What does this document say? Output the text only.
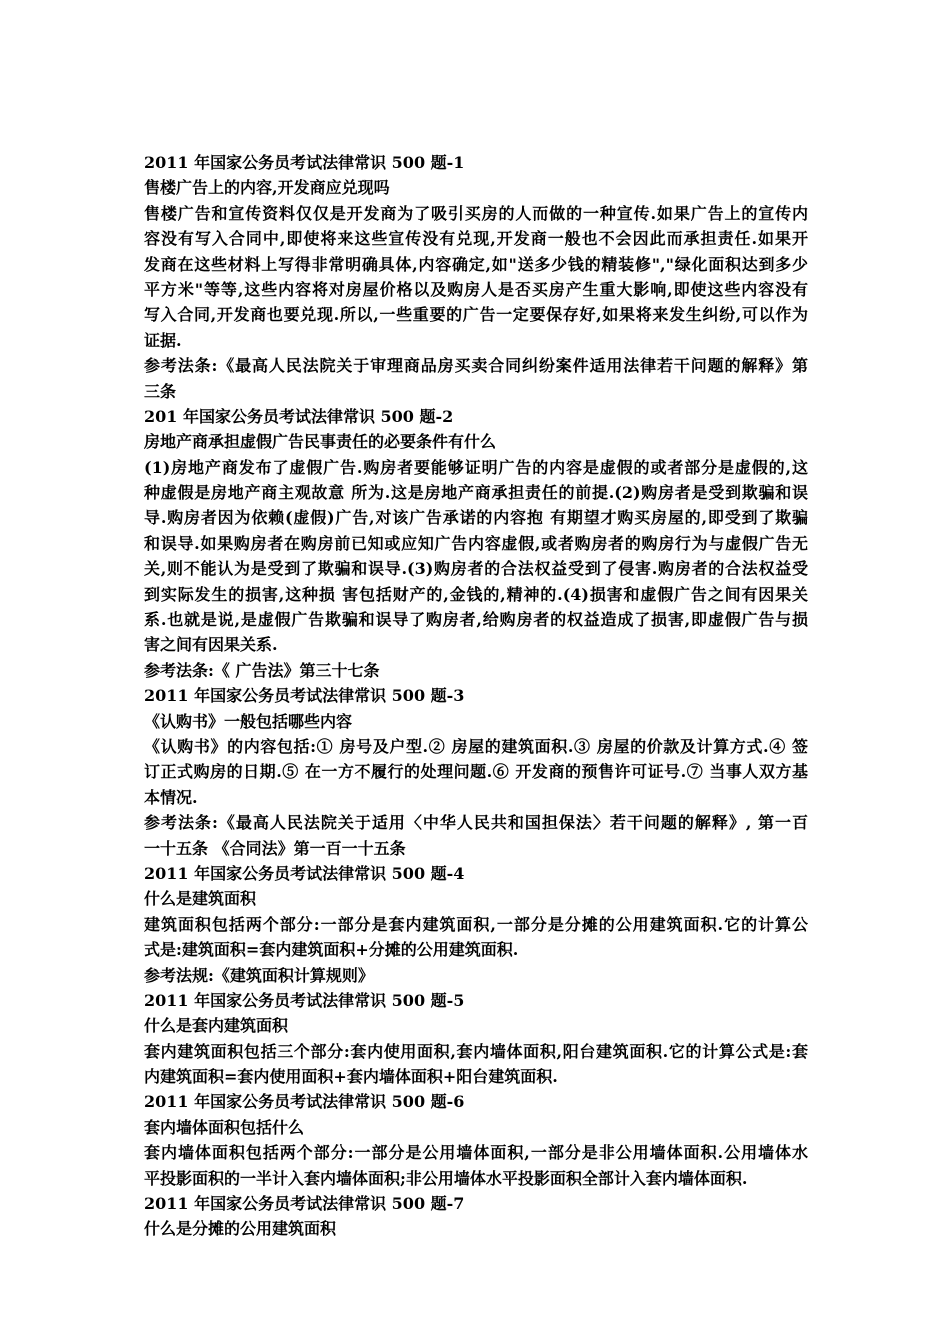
2011 年国家公务员考试法律常识 500 题-1
售楼广告上的内容,开发商应兑现吗
售楼广告和宣传资料仅仅是开发商为了吸引买房的人而做的一种宣传.如果广告上的宣传内
容没有写入合同中,即使将来这些宣传没有兑现,开发商一般也不会因此而承担责任.如果开
发商在这些材料上写得非常明确具体,内容确定,如"送多少钱的精装修","绿化面积达到多少
平方米"等等,这些内容将对房屋价格以及购房人是否买房产生重大影响,即使这些内容没有
写入合同,开发商也要兑现.所以,一些重要的广告一定要保存好,如果将来发生纠纷,可以作为
证据.
参考法条:《最高人民法院关于审理商品房买卖合同纠纷案件适用法律若干问题的解释》第
三条
201 年国家公务员考试法律常识 500 题-2
房地产商承担虚假广告民事责任的必要条件有什么
(1)房地产商发布了虚假广告.购房者要能够证明广告的内容是虚假的或者部分是虚假的,这
种虚假是房地产商主观故意 所为.这是房地产商承担责任的前提.(2)购房者是受到欺骗和误
导.购房者因为依赖(虚假)广告,对该广告承诺的内容抱 有期望才购买房屋的,即受到了欺骗
和误导.如果购房者在购房前已知或应知广告内容虚假,或者购房者的购房行为与虚假广告无
关,则不能认为是受到了欺骗和误导.(3)购房者的合法权益受到了侵害.购房者的合法权益受
到实际发生的损害,这种损 害包括财产的,金钱的,精神的.(4)损害和虚假广告之间有因果关
系.也就是说,是虚假广告欺骗和误导了购房者,给购房者的权益造成了损害,即虚假广告与损
害之间有因果关系.
参考法条:《 广告法》第三十七条
2011 年国家公务员考试法律常识 500 题-3
《认购书》一般包括哪些内容
《认购书》的内容包括:① 房号及户型.② 房屋的建筑面积.③ 房屋的价款及计算方式.④ 签
订正式购房的日期.⑤ 在一方不履行的处理问题.⑥ 开发商的预售许可证号.⑦ 当事人双方基
本情况.
参考法条:《最高人民法院关于适用〈中华人民共和国担保法〉若干问题的解释》, 第一百
一十五条 《合同法》第一百一十五条
2011 年国家公务员考试法律常识 500 题-4
什么是建筑面积
建筑面积包括两个部分:一部分是套内建筑面积,一部分是分摊的公用建筑面积.它的计算公
式是:建筑面积=套内建筑面积+分摊的公用建筑面积.
参考法规:《建筑面积计算规则》
2011 年国家公务员考试法律常识 500 题-5
什么是套内建筑面积
套内建筑面积包括三个部分:套内使用面积,套内墙体面积,阳台建筑面积.它的计算公式是:套
内建筑面积=套内使用面积+套内墙体面积+阳台建筑面积.
2011 年国家公务员考试法律常识 500 题-6
套内墙体面积包括什么
套内墙体面积包括两个部分:一部分是公用墙体面积,一部分是非公用墙体面积.公用墙体水
平投影面积的一半计入套内墙体面积;非公用墙体水平投影面积全部计入套内墙体面积.
2011 年国家公务员考试法律常识 500 题-7
什么是分摊的公用建筑面积
